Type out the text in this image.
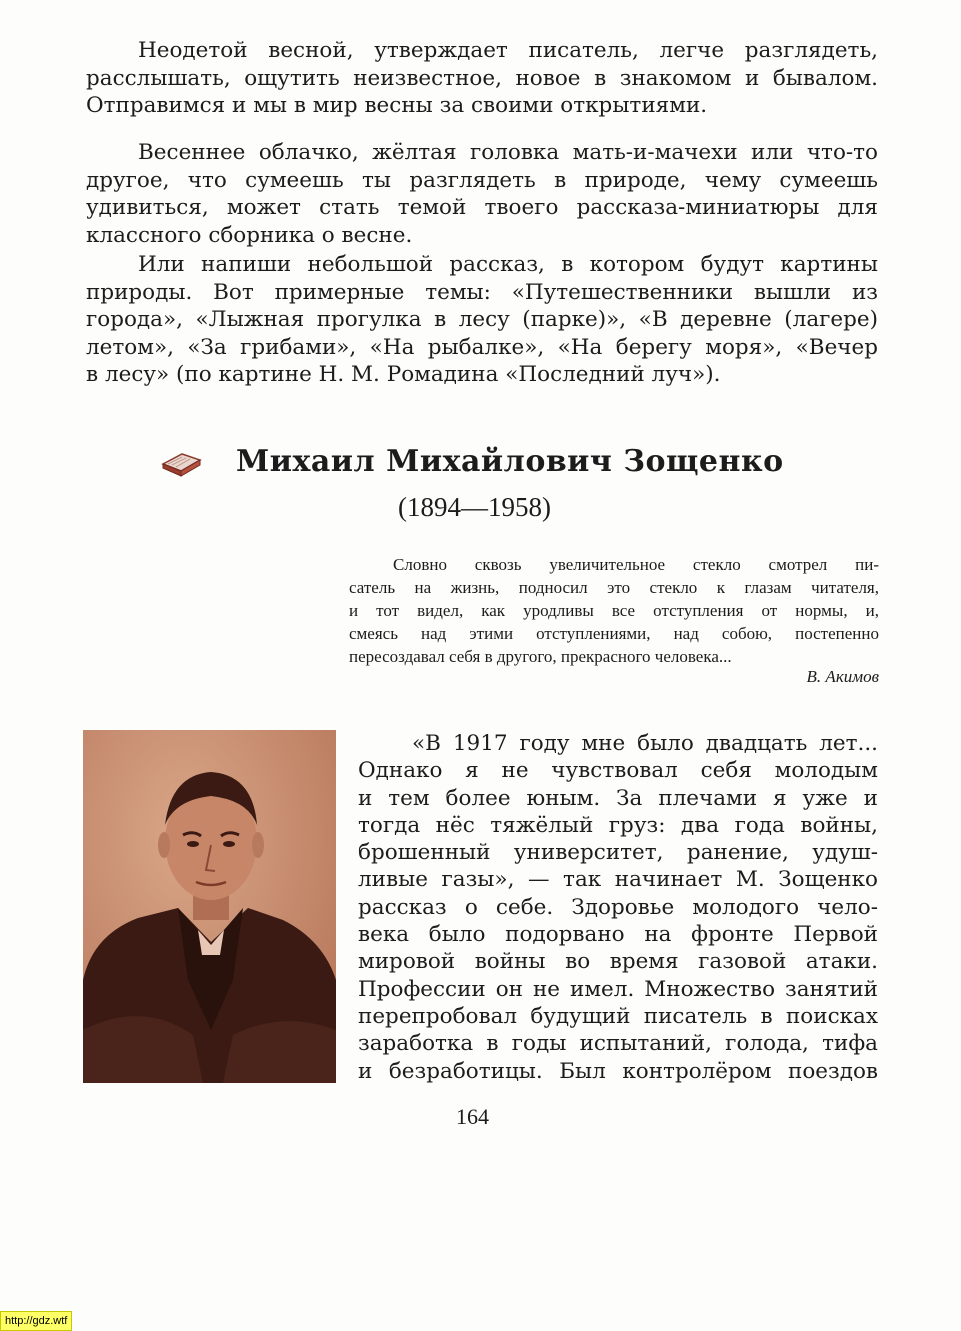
Неодетой весной, утверждает писатель, легче разглядеть,
расслышать, ощутить неизвестное, новое в знакомом и бывалом.
Отправимся и мы в мир весны за своими открытиями.

Весеннее облачко, жёлтая головка мать-и-мачехи или что-то
другое, что сумеешь ты разглядеть в природе, чему сумеешь
удивиться, может стать темой твоего рассказа-миниатюры для
классного сборника о весне.

Или напиши небольшой рассказ, в котором будут картины
природы. Вот примерные темы: «Путешественники вышли из
города», «Лыжная прогулка в лесу (парке)», «В деревне (лагере)
летом», «За грибами», «На рыбалке», «На берегу моря», «Вечер
в лесу» (по картине Н. М. Ромадина «Последний луч»).

Михаил Михайлович Зощенко
(1894—1958)

Словно сквозь увеличительное стекло смотрел пи-
сатель на жизнь, подносил это стекло к глазам читателя,
и тот видел, как уродливы все отступления от нормы, и,
смеясь над этими отступлениями, над собою, постепенно
пересоздавал себя в другого, прекрасного человека...

В. Акимов

«В 1917 году мне было двадцать лет...
Однако я не чувствовал себя молодым
и тем более юным. За плечами я уже и
тогда нёс тяжёлый груз: два года войны,
брошенный университет, ранение, удуш-
ливые газы», — так начинает М. Зощенко
рассказ о себе. Здоровье молодого чело-
века было подорвано на фронте Первой
мировой войны во время газовой атаки.
Профессии он не имел. Множество занятий
перепробовал будущий писатель в поисках
заработка в годы испытаний, голода, тифа
и безработицы. Был контролёром поездов

164
http://gdz.wtf
